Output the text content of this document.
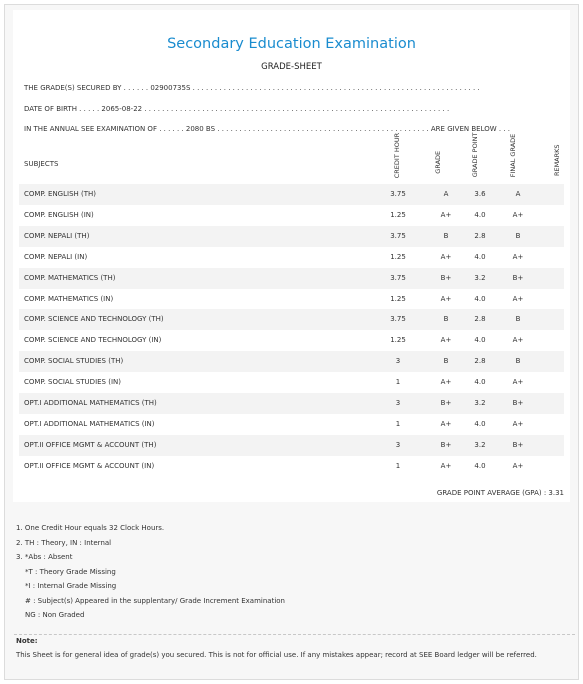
Secondary Education Examination
GRADE-SHEET
THE GRADE(S) SECURED BY . . . . . . 02900735S . . . . . . . . . . . . . . . . . . . . . . . . . . . . . . . . . . . . . . . . . . . . . . . . . . . . . . . . . . . . . . . . .
DATE OF BIRTH . . . . . 2065-08-22 . . . . . . . . . . . . . . . . . . . . . . . . . . . . . . . . . . . . . . . . . . . . . . . . . . . . . . . . . . . . . . . . . . . . .
IN THE ANNUAL SEE EXAMINATION OF . . . . . . 2080 BS . . . . . . . . . . . . . . . . . . . . . . . . . . . . . . . . . . . . . . . . . . . . . . . . ARE GIVEN BELOW . . .
SUBJECTS	CREDIT HOUR	GRADE	GRADE POINT	FINAL GRADE	REMARKS
COMP. ENGLISH (TH)	3.75	A	3.6	A
COMP. ENGLISH (IN)	1.25	A+	4.0	A+
COMP. NEPALI (TH)	3.75	B	2.8	B
COMP. NEPALI (IN)	1.25	A+	4.0	A+
COMP. MATHEMATICS (TH)	3.75	B+	3.2	B+
COMP. MATHEMATICS (IN)	1.25	A+	4.0	A+
COMP. SCIENCE AND TECHNOLOGY (TH)	3.75	B	2.8	B
COMP. SCIENCE AND TECHNOLOGY (IN)	1.25	A+	4.0	A+
COMP. SOCIAL STUDIES (TH)	3	B	2.8	B
COMP. SOCIAL STUDIES (IN)	1	A+	4.0	A+
OPT.I ADDITIONAL MATHEMATICS (TH)	3	B+	3.2	B+
OPT.I ADDITIONAL MATHEMATICS (IN)	1	A+	4.0	A+
OPT.II OFFICE MGMT & ACCOUNT (TH)	3	B+	3.2	B+
OPT.II OFFICE MGMT & ACCOUNT (IN)	1	A+	4.0	A+
GRADE POINT AVERAGE (GPA) : 3.31
1. One Credit Hour equals 32 Clock Hours.
2. TH : Theory, IN : Internal
3. *Abs : Absent
*T : Theory Grade Missing
*I : Internal Grade Missing
# : Subject(s) Appeared in the supplentary/ Grade Increment Examination
NG : Non Graded
Note:
This Sheet is for general idea of grade(s) you secured. This is not for official use. If any mistakes appear; record at SEE Board ledger will be referred.
